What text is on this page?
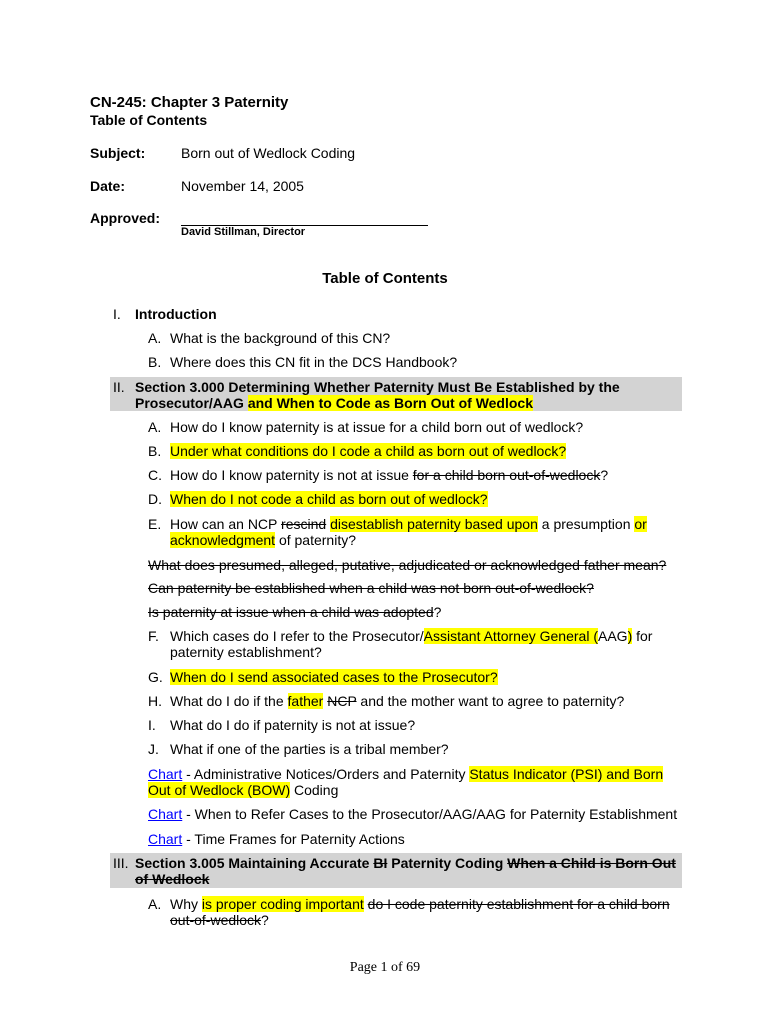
CN-245: Chapter 3 Paternity
Table of Contents
Subject:	Born out of Wedlock Coding
Date:	November 14, 2005
Approved:
David Stillman, Director
Table of Contents
I. Introduction
A. What is the background of this CN?
B. Where does this CN fit in the DCS Handbook?
II. Section 3.000 Determining Whether Paternity Must Be Established by the
Prosecutor/AAG and When to Code as Born Out of Wedlock
A. How do I know paternity is at issue for a child born out of wedlock?
B. Under what conditions do I code a child as born out of wedlock?
C. How do I know paternity is not at issue for a child born out-of-wedlock?
D. When do I not code a child as born out of wedlock?
E. How can an NCP rescind disestablish paternity based upon a presumption or
acknowledgment of paternity?
What does presumed, alleged, putative, adjudicated or acknowledged father mean?
Can paternity be established when a child was not born out-of-wedlock?
Is paternity at issue when a child was adopted?
F. Which cases do I refer to the Prosecutor/Assistant Attorney General (AAG) for
paternity establishment?
G. When do I send associated cases to the Prosecutor?
H. What do I do if the father NCP and the mother want to agree to paternity?
I. What do I do if paternity is not at issue?
J. What if one of the parties is a tribal member?
Chart - Administrative Notices/Orders and Paternity Status Indicator (PSI) and Born
Out of Wedlock (BOW) Coding
Chart - When to Refer Cases to the Prosecutor/AAG/AAG for Paternity Establishment
Chart - Time Frames for Paternity Actions
III. Section 3.005 Maintaining Accurate BI Paternity Coding When a Child is Born Out
of Wedlock
A. Why is proper coding important do I code paternity establishment for a child born
out-of-wedlock?
Page 1 of 69
